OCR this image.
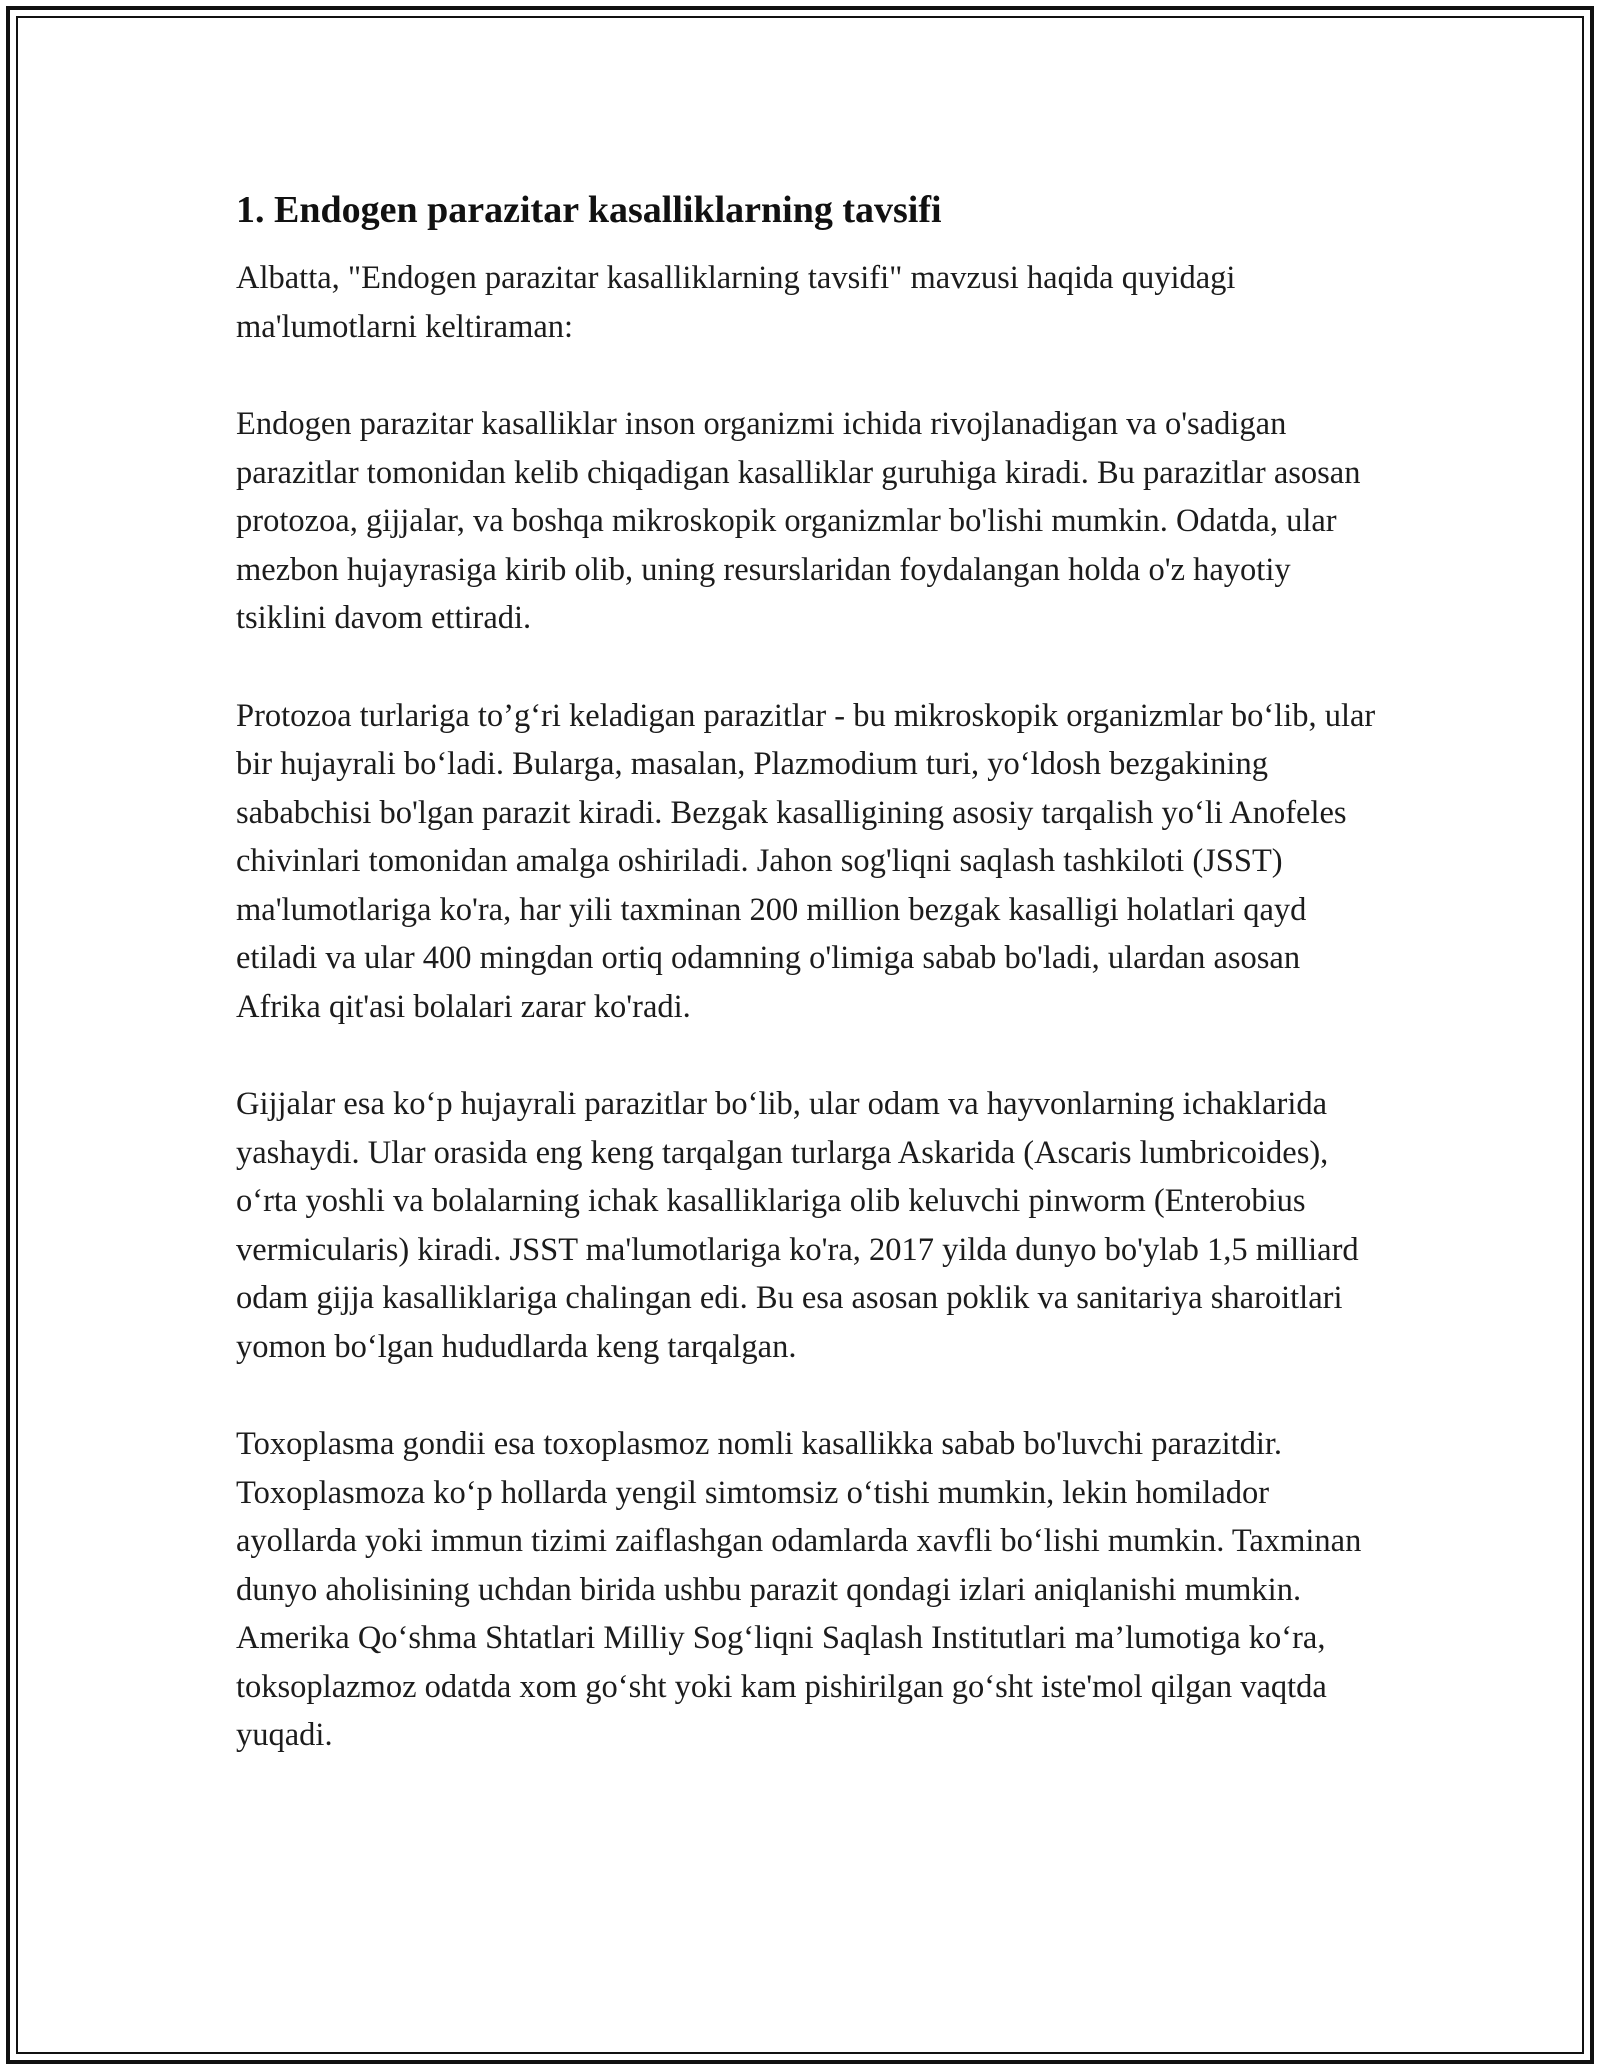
1. Endogen parazitar kasalliklarning tavsifi

Albatta, "Endogen parazitar kasalliklarning tavsifi" mavzusi haqida quyidagi ma'lumotlarni keltiraman:

Endogen parazitar kasalliklar inson organizmi ichida rivojlanadigan va o'sadigan parazitlar tomonidan kelib chiqadigan kasalliklar guruhiga kiradi. Bu parazitlar asosan protozoa, gijjalar, va boshqa mikroskopik organizmlar bo'lishi mumkin. Odatda, ular mezbon hujayrasiga kirib olib, uning resurslaridan foydalangan holda o'z hayotiy tsiklini davom ettiradi.

Protozoa turlariga to’g‘ri keladigan parazitlar - bu mikroskopik organizmlar bo‘lib, ular bir hujayrali bo‘ladi. Bularga, masalan, Plazmodium turi, yo‘ldosh bezgakining sababchisi bo'lgan parazit kiradi. Bezgak kasalligining asosiy tarqalish yo‘li Anofeles chivinlari tomonidan amalga oshiriladi. Jahon sog'liqni saqlash tashkiloti (JSST) ma'lumotlariga ko'ra, har yili taxminan 200 million bezgak kasalligi holatlari qayd etiladi va ular 400 mingdan ortiq odamning o'limiga sabab bo'ladi, ulardan asosan Afrika qit'asi bolalari zarar ko'radi.

Gijjalar esa ko‘p hujayrali parazitlar bo‘lib, ular odam va hayvonlarning ichaklarida yashaydi. Ular orasida eng keng tarqalgan turlarga Askarida (Ascaris lumbricoides), o‘rta yoshli va bolalarning ichak kasalliklariga olib keluvchi pinworm (Enterobius vermicularis) kiradi. JSST ma'lumotlariga ko'ra, 2017 yilda dunyo bo'ylab 1,5 milliard odam gijja kasalliklariga chalingan edi. Bu esa asosan poklik va sanitariya sharoitlari yomon bo‘lgan hududlarda keng tarqalgan.

Toxoplasma gondii esa toxoplasmoz nomli kasallikka sabab bo'luvchi parazitdir. Toxoplasmoza ko‘p hollarda yengil simtomsiz o‘tishi mumkin, lekin homilador ayollarda yoki immun tizimi zaiflashgan odamlarda xavfli bo‘lishi mumkin. Taxminan dunyo aholisining uchdan birida ushbu parazit qondagi izlari aniqlanishi mumkin. Amerika Qo‘shma Shtatlari Milliy Sog‘liqni Saqlash Institutlari ma’lumotiga ko‘ra, toksoplazmoz odatda xom go‘sht yoki kam pishirilgan go‘sht iste'mol qilgan vaqtda yuqadi.
